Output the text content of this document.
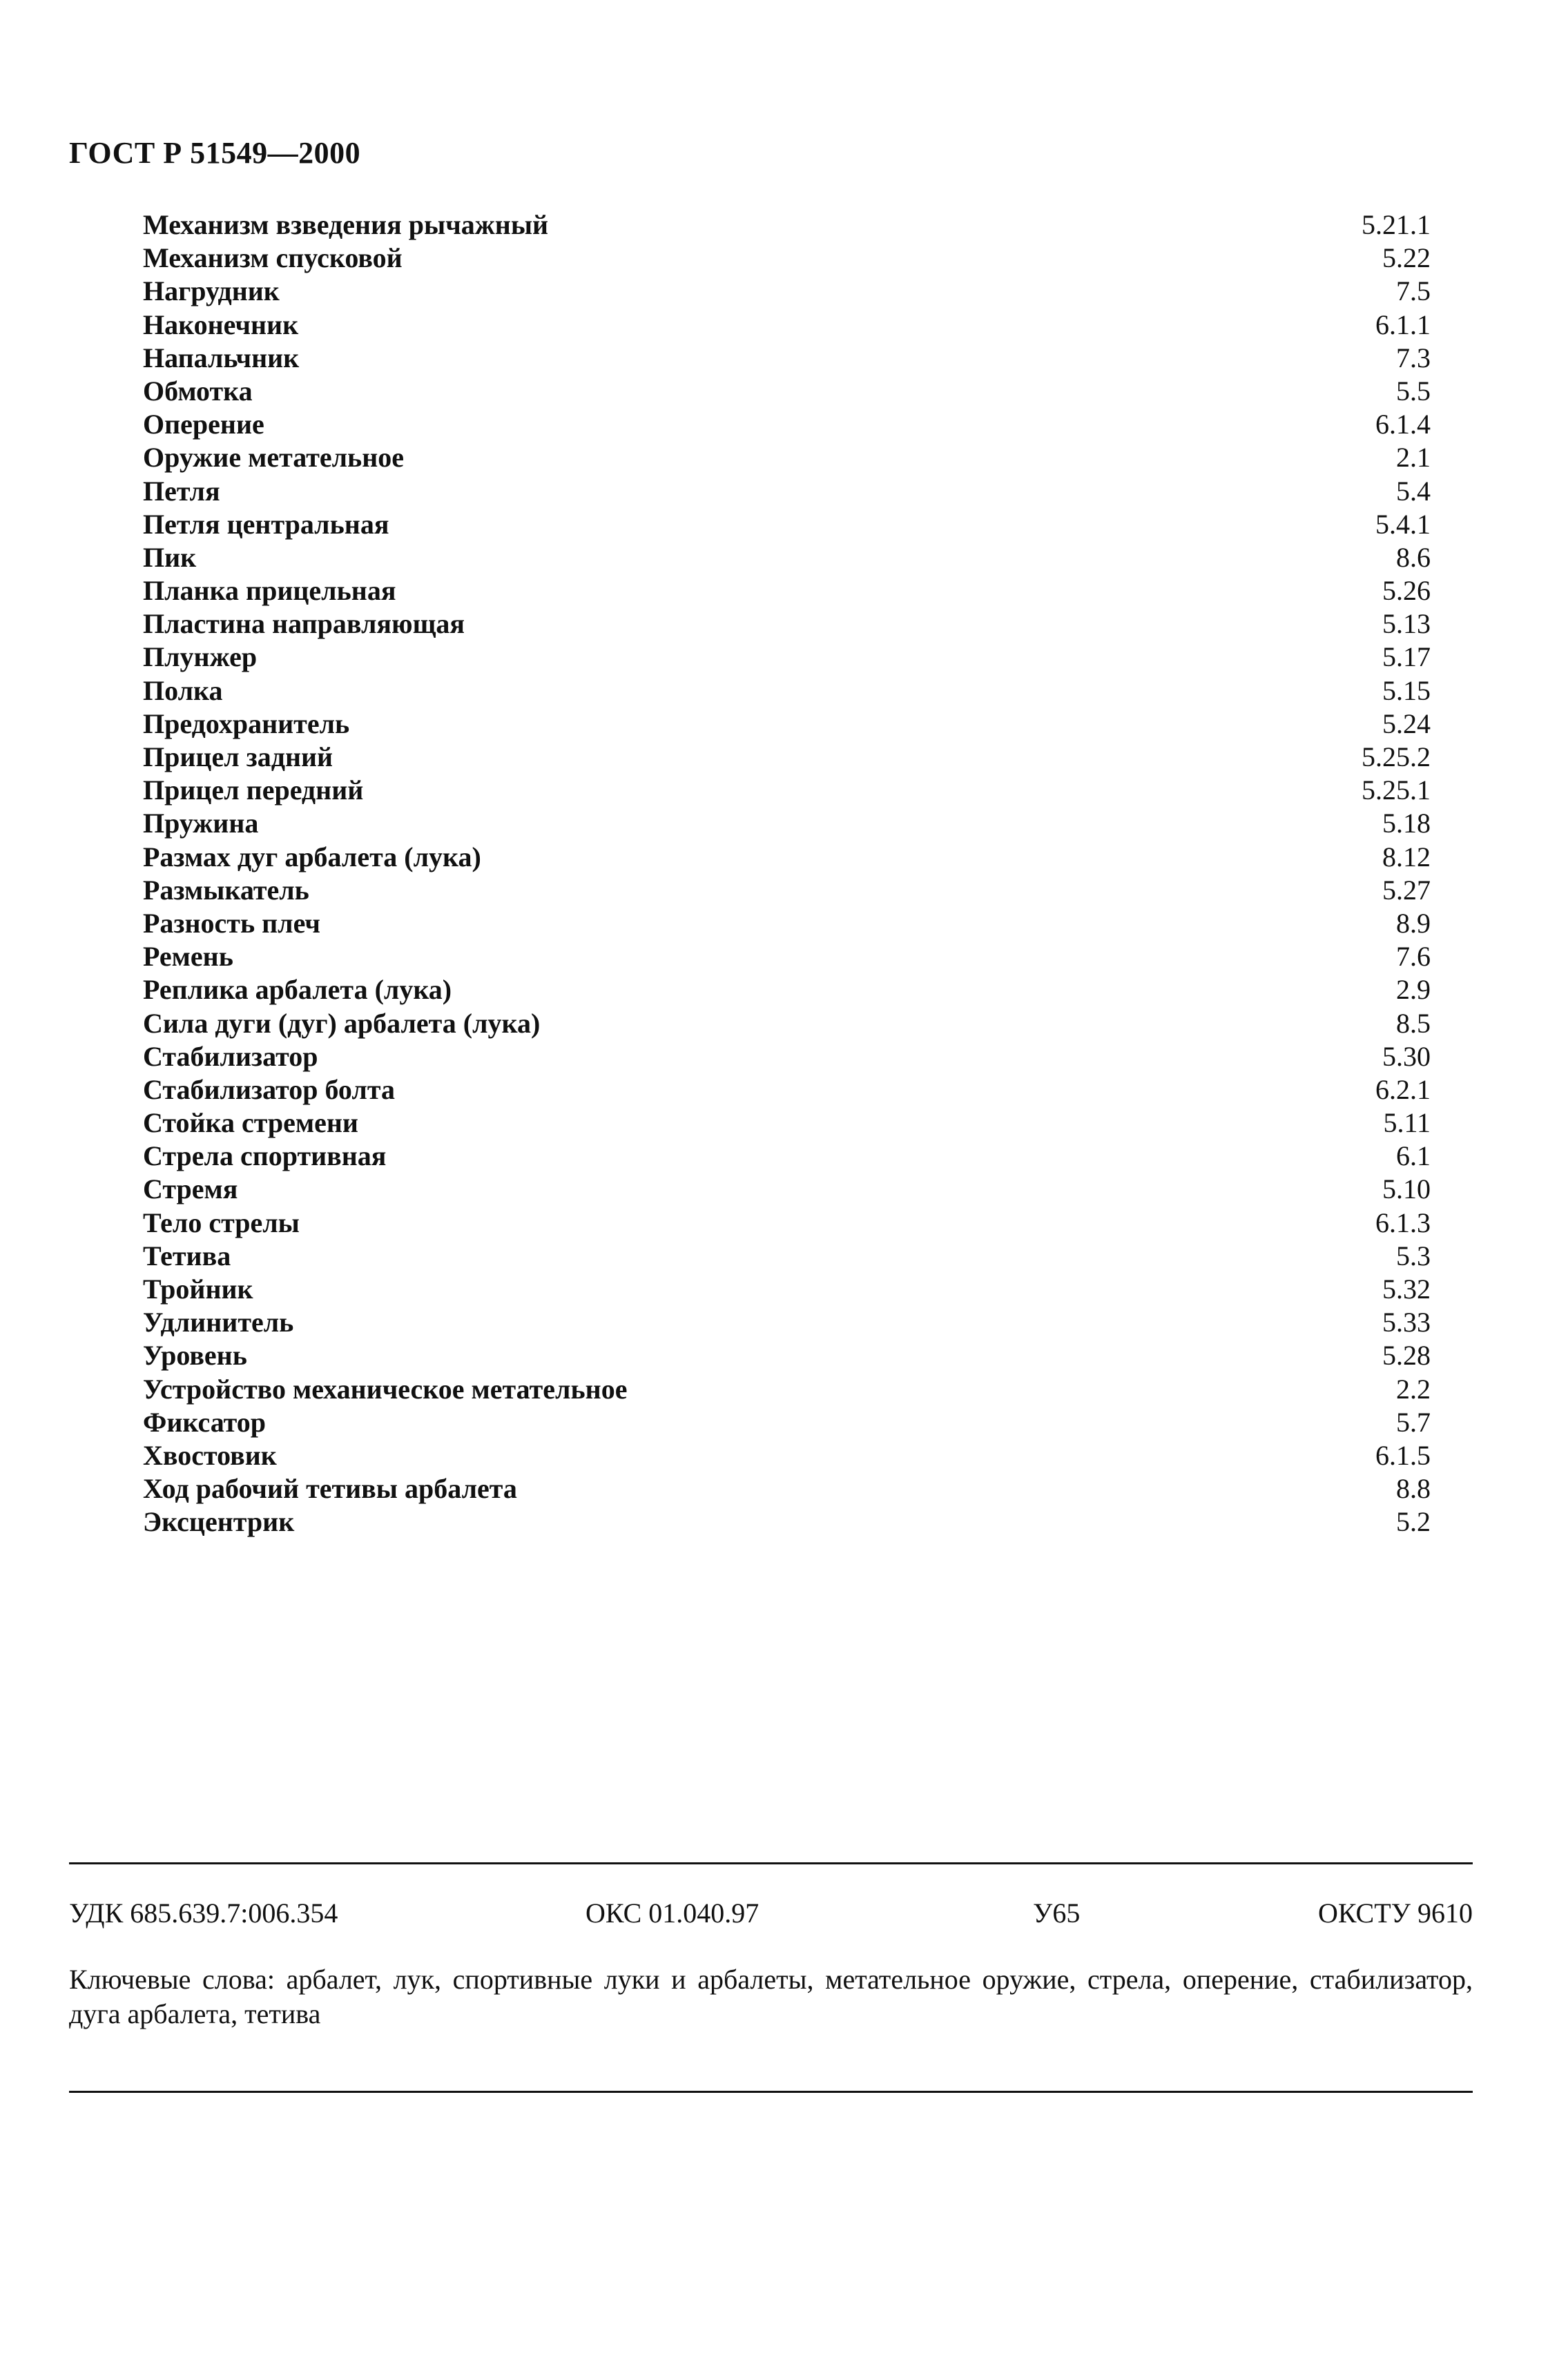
ГОСТ Р 51549—2000
Механизм взведения рычажный	5.21.1
Механизм спусковой	5.22
Нагрудник	7.5
Наконечник	6.1.1
Напальчник	7.3
Обмотка	5.5
Оперение	6.1.4
Оружие метательное	2.1
Петля	5.4
Петля центральная	5.4.1
Пик	8.6
Планка прицельная	5.26
Пластина направляющая	5.13
Плунжер	5.17
Полка	5.15
Предохранитель	5.24
Прицел задний	5.25.2
Прицел передний	5.25.1
Пружина	5.18
Размах дуг арбалета (лука)	8.12
Размыкатель	5.27
Разность плеч	8.9
Ремень	7.6
Реплика арбалета (лука)	2.9
Сила дуги (дуг) арбалета (лука)	8.5
Стабилизатор	5.30
Стабилизатор болта	6.2.1
Стойка стремени	5.11
Стрела спортивная	6.1
Стремя	5.10
Тело стрелы	6.1.3
Тетива	5.3
Тройник	5.32
Удлинитель	5.33
Уровень	5.28
Устройство механическое метательное	2.2
Фиксатор	5.7
Хвостовик	6.1.5
Ход рабочий тетивы арбалета	8.8
Эксцентрик	5.2
УДК 685.639.7:006.354	ОКС 01.040.97	У65	ОКСТУ 9610

Ключевые слова: арбалет, лук, спортивные луки и арбалеты, метательное оружие, стрела, оперение, стабилизатор, дуга арбалета, тетива
